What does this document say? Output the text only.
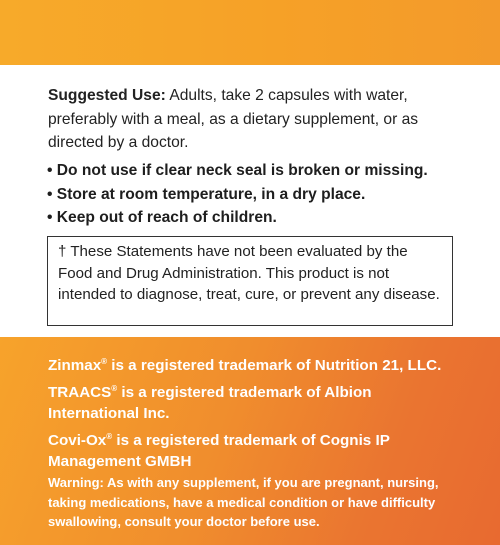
Suggested Use: Adults, take 2 capsules with water, preferably with a meal, as a dietary supplement, or as directed by a doctor.

• Do not use if clear neck seal is broken or missing.
• Store at room temperature, in a dry place.
• Keep out of reach of children.
† These Statements have not been evaluated by the Food and Drug Administration. This product is not intended to diagnose, treat, cure, or prevent any disease.

Zinmax® is a registered trademark of Nutrition 21, LLC.

TRAACS® is a registered trademark of Albion International Inc.

Covi-Ox® is a registered trademark of Cognis IP Management GMBH

Warning: As with any supplement, if you are pregnant, nursing, taking medications, have a medical condition or have difficulty swallowing, consult your doctor before use.
